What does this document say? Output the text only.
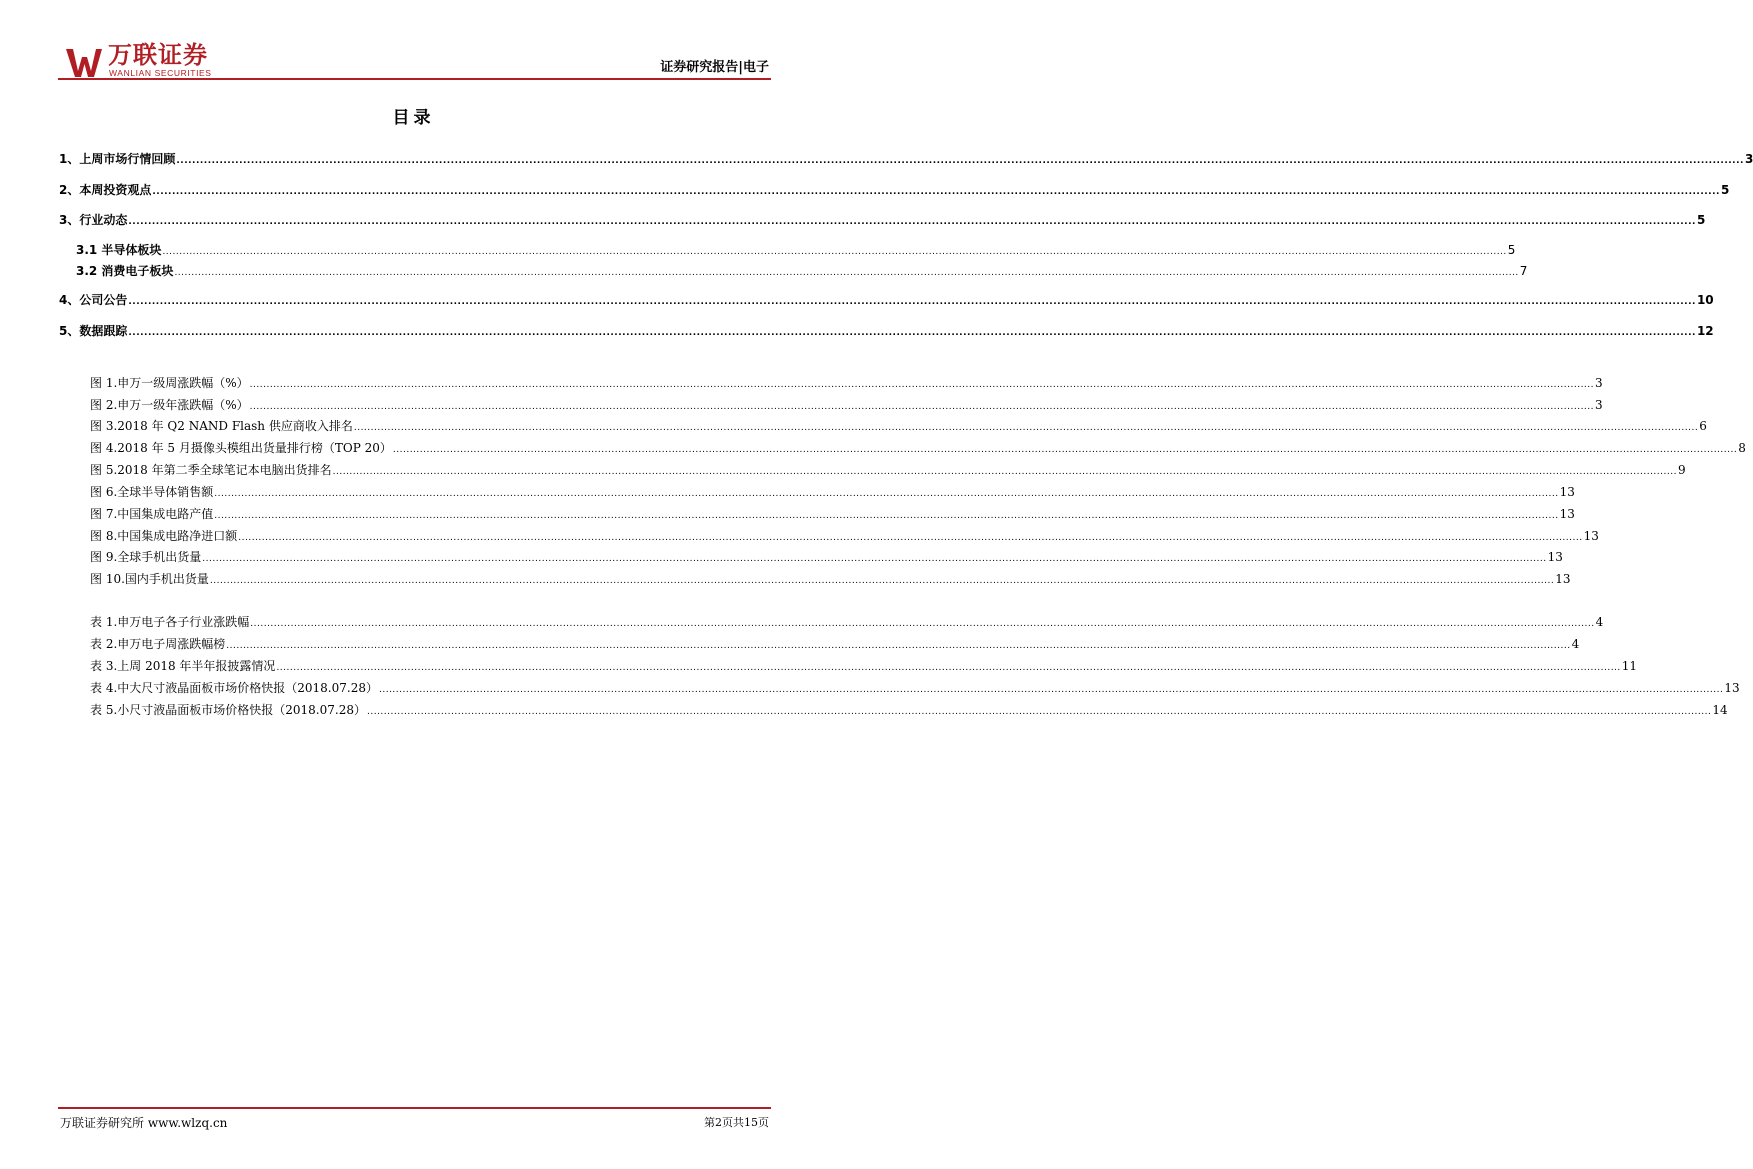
万联证券
WANLIAN SECURITIES	证券研究报告|电子
目录
1、上周市场行情回顾 ................................................................................................................................................................................................................................................................................................................................................................................................................ 3
2、本周投资观点 ................................................................................................................................................................................................................................................................................................................................................................................................................ 5
3、行业动态 ................................................................................................................................................................................................................................................................................................................................................................................................................ 5
3.1 半导体板块 ................................................................................................................................................................................................................................................................................................................................................................................................................ 5
3.2 消费电子板块 ................................................................................................................................................................................................................................................................................................................................................................................................................ 7
4、公司公告 ................................................................................................................................................................................................................................................................................................................................................................................................................ 10
5、数据跟踪 ................................................................................................................................................................................................................................................................................................................................................................................................................ 12
图 1.申万一级周涨跌幅（%） ................................................................................................................................................................................................................................................................................................................................................................................................................ 3
图 2.申万一级年涨跌幅（%） ................................................................................................................................................................................................................................................................................................................................................................................................................ 3
图 3.2018 年 Q2 NAND Flash 供应商收入排名 ................................................................................................................................................................................................................................................................................................................................................................................................................ 6
图 4.2018 年 5 月摄像头模组出货量排行榜（TOP 20） ................................................................................................................................................................................................................................................................................................................................................................................................................ 8
图 5.2018 年第二季全球笔记本电脑出货排名 ................................................................................................................................................................................................................................................................................................................................................................................................................ 9
图 6.全球半导体销售额 ................................................................................................................................................................................................................................................................................................................................................................................................................ 13
图 7.中国集成电路产值 ................................................................................................................................................................................................................................................................................................................................................................................................................ 13
图 8.中国集成电路净进口额 ................................................................................................................................................................................................................................................................................................................................................................................................................ 13
图 9.全球手机出货量 ................................................................................................................................................................................................................................................................................................................................................................................................................ 13
图 10.国内手机出货量 ................................................................................................................................................................................................................................................................................................................................................................................................................ 13
表 1.申万电子各子行业涨跌幅 ................................................................................................................................................................................................................................................................................................................................................................................................................ 4
表 2.申万电子周涨跌幅榜 ................................................................................................................................................................................................................................................................................................................................................................................................................ 4
表 3.上周 2018 年半年报披露情况 ................................................................................................................................................................................................................................................................................................................................................................................................................ 11
表 4.中大尺寸液晶面板市场价格快报（2018.07.28） ................................................................................................................................................................................................................................................................................................................................................................................................................ 13
表 5.小尺寸液晶面板市场价格快报（2018.07.28） ................................................................................................................................................................................................................................................................................................................................................................................................................ 14
万联证券研究所 www.wlzq.cn	第2页共15页
